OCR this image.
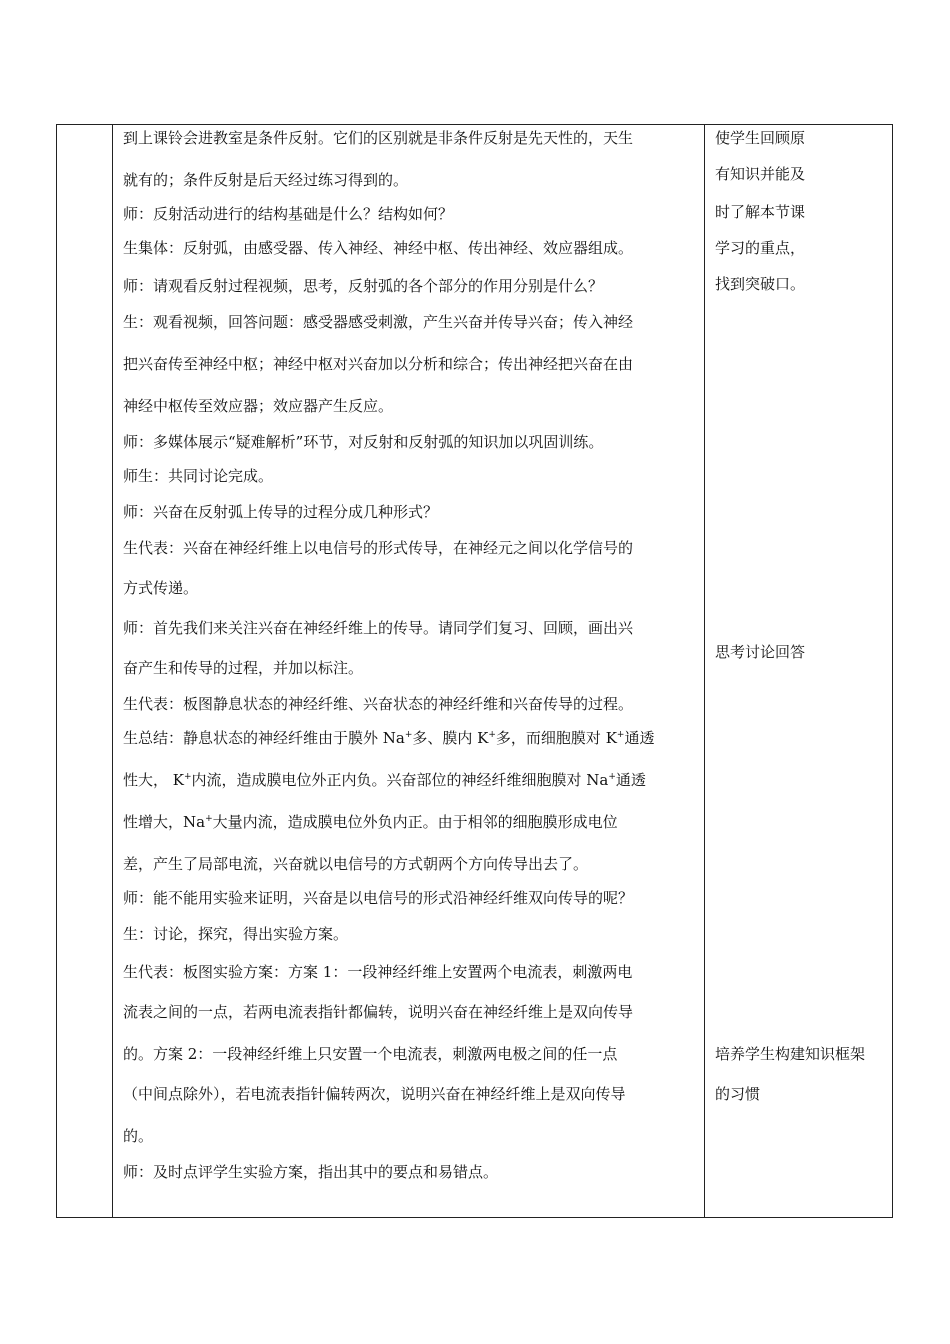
到上课铃会进教室是条件反射。它们的区别就是非条件反射是先天性的，天生
就有的；条件反射是后天经过练习得到的。
师：反射活动进行的结构基础是什么？结构如何？
生集体：反射弧，由感受器、传入神经、神经中枢、传出神经、效应器组成。
师：请观看反射过程视频，思考，反射弧的各个部分的作用分别是什么？
生：观看视频，回答问题：感受器感受刺激，产生兴奋并传导兴奋；传入神经
把兴奋传至神经中枢；神经中枢对兴奋加以分析和综合；传出神经把兴奋在由
神经中枢传至效应器；效应器产生反应。
师：多媒体展示“疑难解析”环节，对反射和反射弧的知识加以巩固训练。
师生：共同讨论完成。
师：兴奋在反射弧上传导的过程分成几种形式？
生代表：兴奋在神经纤维上以电信号的形式传导，在神经元之间以化学信号的
方式传递。
师：首先我们来关注兴奋在神经纤维上的传导。请同学们复习、回顾，画出兴
奋产生和传导的过程，并加以标注。
生代表：板图静息状态的神经纤维、兴奋状态的神经纤维和兴奋传导的过程。
生总结：静息状态的神经纤维由于膜外 Na+多、膜内 K+多，而细胞膜对 K+通透
性大， K+内流，造成膜电位外正内负。兴奋部位的神经纤维细胞膜对 Na+通透
性增大，Na+大量内流，造成膜电位外负内正。由于相邻的细胞膜形成电位
差，产生了局部电流，兴奋就以电信号的方式朝两个方向传导出去了。
师：能不能用实验来证明，兴奋是以电信号的形式沿神经纤维双向传导的呢？
生：讨论，探究，得出实验方案。
生代表：板图实验方案：方案 1：一段神经纤维上安置两个电流表，刺激两电
流表之间的一点，若两电流表指针都偏转，说明兴奋在神经纤维上是双向传导
的。方案 2：一段神经纤维上只安置一个电流表，刺激两电极之间的任一点
（中间点除外），若电流表指针偏转两次，说明兴奋在神经纤维上是双向传导
的。
师：及时点评学生实验方案，指出其中的要点和易错点。
使学生回顾原
有知识并能及
时了解本节课
学习的重点，
找到突破口。
思考讨论回答
培养学生构建知识框架
的习惯
